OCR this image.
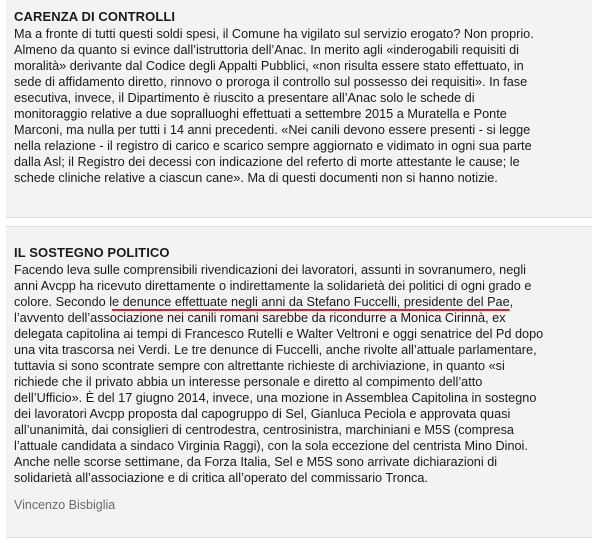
CARENZA DI CONTROLLI

Ma a fronte di tutti questi soldi spesi, il Comune ha vigilato sul servizio erogato? Non proprio.
Almeno da quanto si evince dall’istruttoria dell’Anac. In merito agli «inderogabili requisiti di
moralità» derivante dal Codice degli Appalti Pubblici, «non risulta essere stato effettuato, in
sede di affidamento diretto, rinnovo o proroga il controllo sul possesso dei requisiti». In fase
esecutiva, invece, il Dipartimento è riuscito a presentare all’Anac solo le schede di
monitoraggio relative a due sopralluoghi effettuati a settembre 2015 a Muratella e Ponte
Marconi, ma nulla per tutti i 14 anni precedenti. «Nei canili devono essere presenti - si legge
nella relazione - il registro di carico e scarico sempre aggiornato e vidimato in ogni sua parte
dalla Asl; il Registro dei decessi con indicazione del referto di morte attestante le cause; le
schede cliniche relative a ciascun cane». Ma di questi documenti non si hanno notizie.

IL SOSTEGNO POLITICO

Facendo leva sulle comprensibili rivendicazioni dei lavoratori, assunti in sovranumero, negli
anni Avcpp ha ricevuto direttamente o indirettamente la solidarietà dei politici di ogni grado e
colore. Secondo le denunce effettuate negli anni da Stefano Fuccelli, presidente del Pae,
l’avvento dell’associazione nei canili romani sarebbe da ricondurre a Monica Cirinnà, ex
delegata capitolina ai tempi di Francesco Rutelli e Walter Veltroni e oggi senatrice del Pd dopo
una vita trascorsa nei Verdi. Le tre denunce di Fuccelli, anche rivolte all’attuale parlamentare,
tuttavia si sono scontrate sempre con altrettante richieste di archiviazione, in quanto «si
richiede che il privato abbia un interesse personale e diretto al compimento dell’atto
dell’Ufficio». È del 17 giugno 2014, invece, una mozione in Assemblea Capitolina in sostegno
dei lavoratori Avcpp proposta dal capogruppo di Sel, Gianluca Peciola e approvata quasi
all’unanimità, dai consiglieri di centrodestra, centrosinistra, marchiniani e M5S (compresa
l’attuale candidata a sindaco Virginia Raggi), con la sola eccezione del centrista Mino Dinoi.
Anche nelle scorse settimane, da Forza Italia, Sel e M5S sono arrivate dichiarazioni di
solidarietà all’associazione e di critica all’operato del commissario Tronca.

Vincenzo Bisbiglia
